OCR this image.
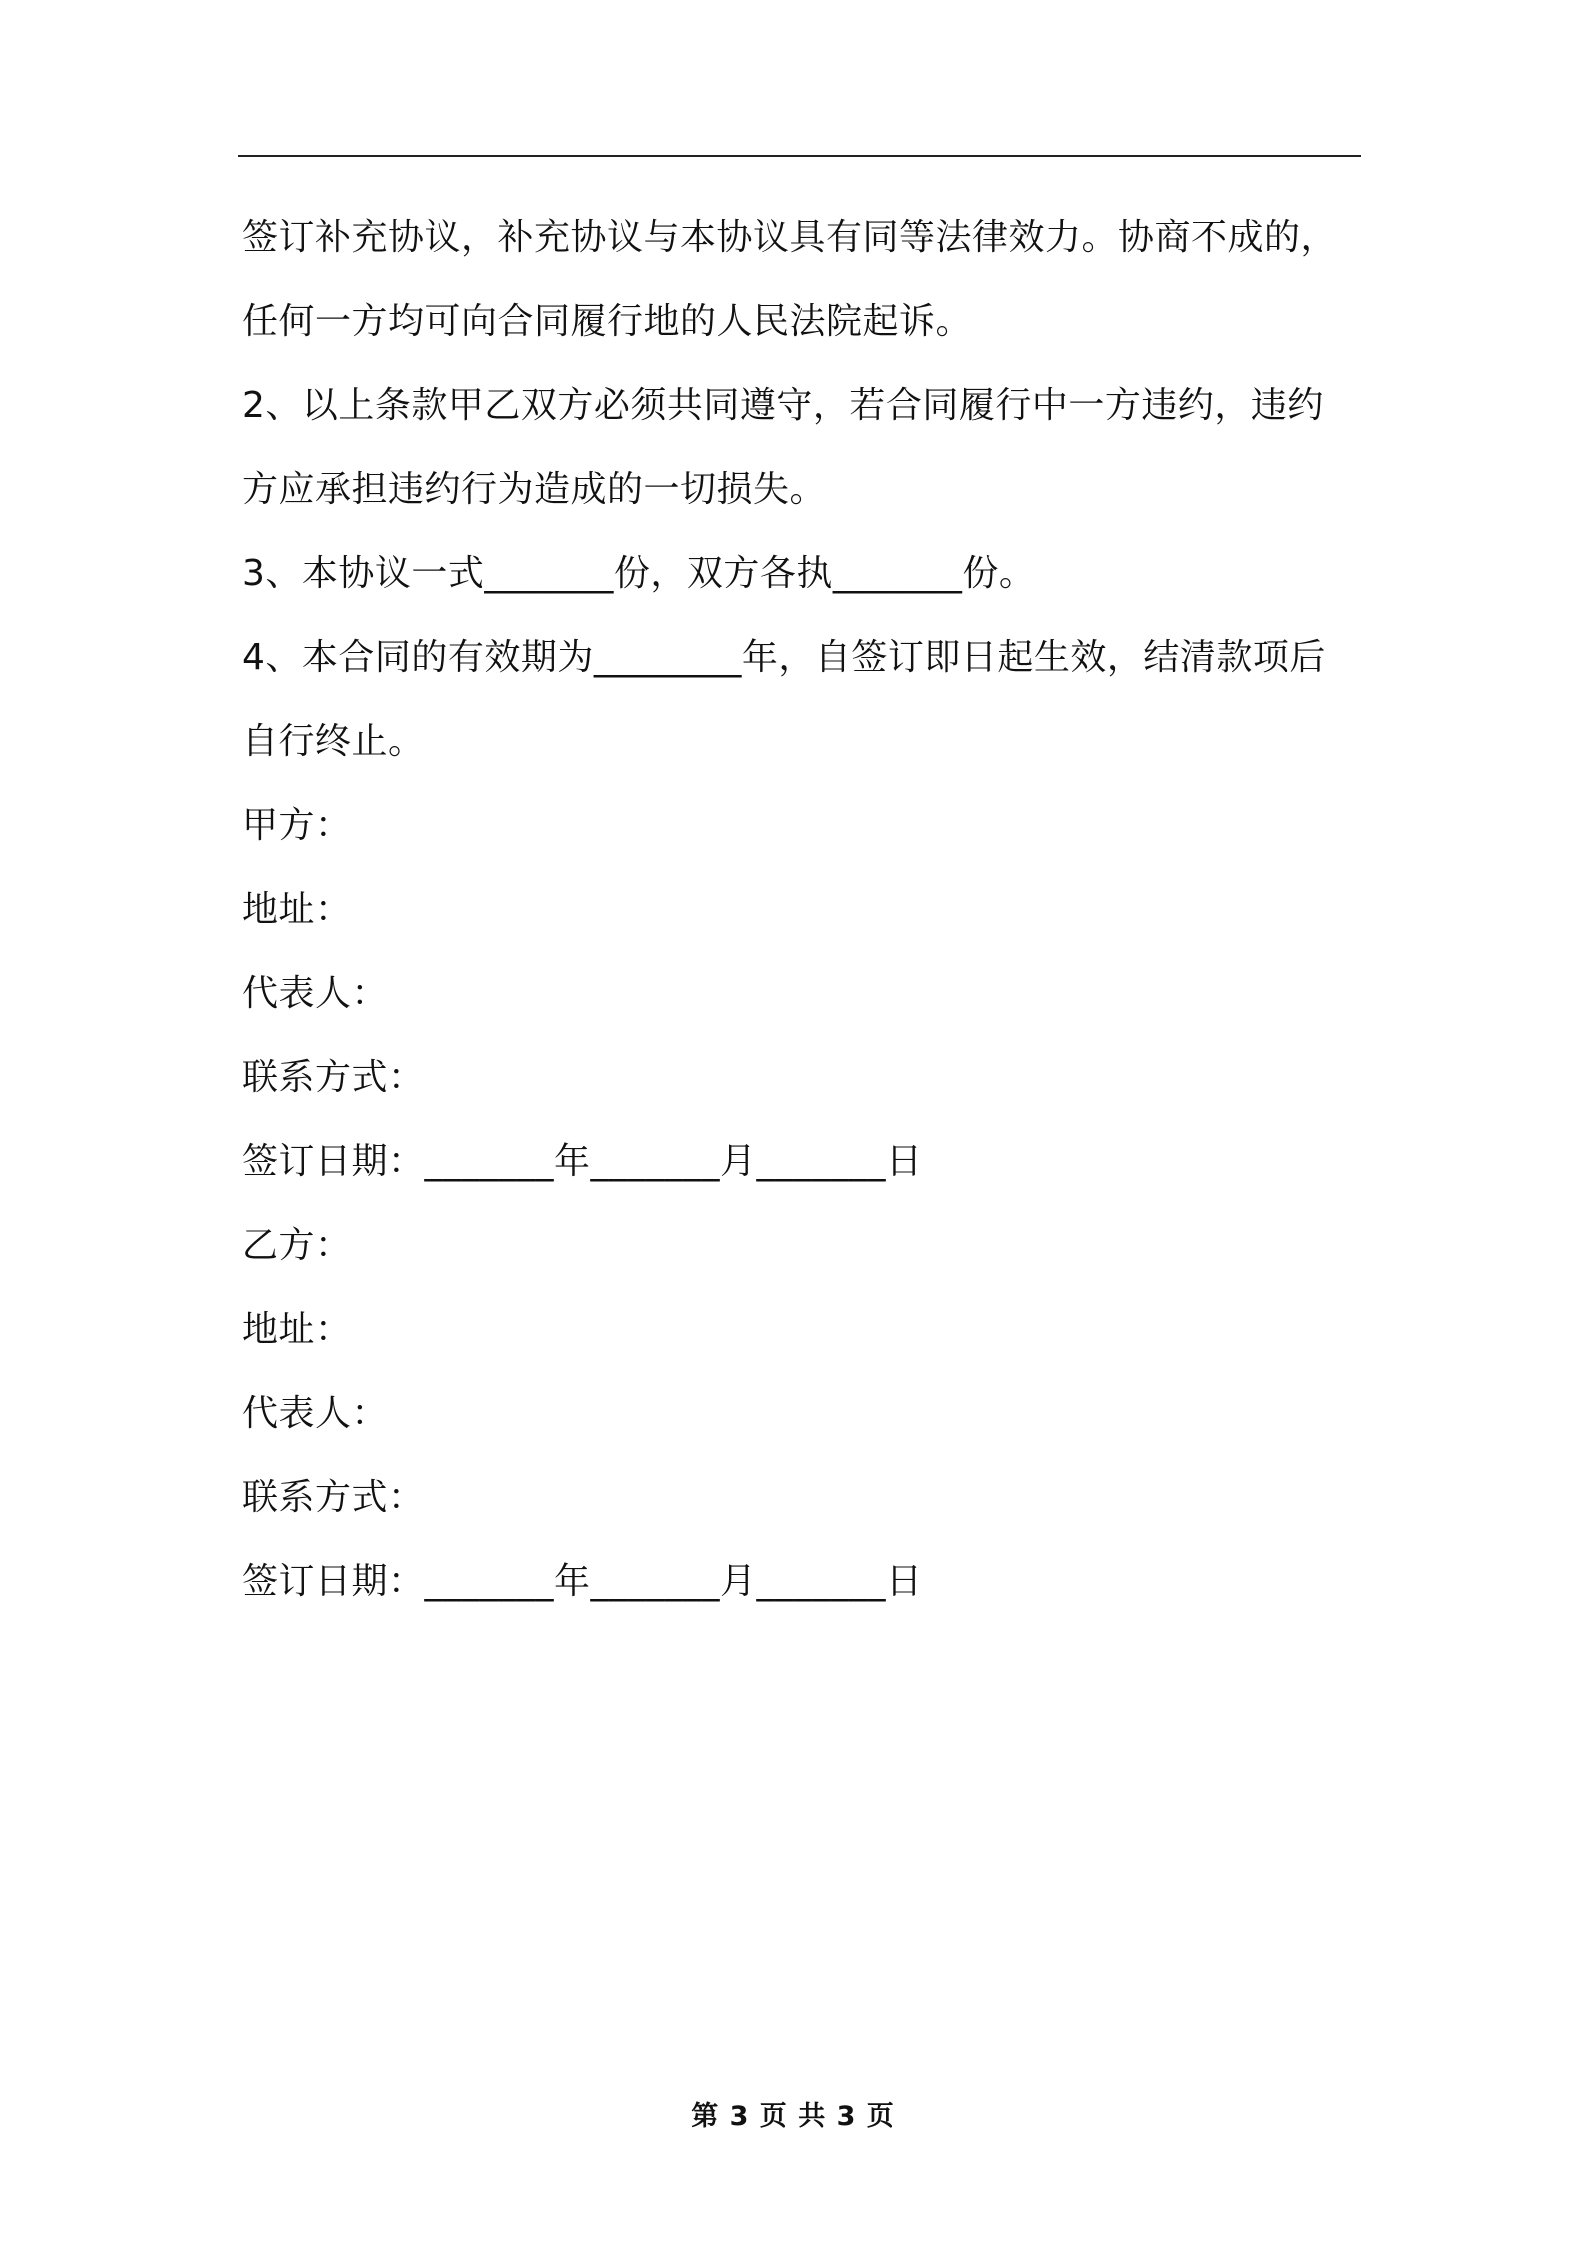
签订补充协议，补充协议与本协议具有同等法律效力。协商不成的，
任何一方均可向合同履行地的人民法院起诉。
2、以上条款甲乙双方必须共同遵守，若合同履行中一方违约，违约
方应承担违约行为造成的一切损失。
3、本协议一式_______份，双方各执_______份。
4、本合同的有效期为________年，自签订即日起生效，结清款项后
自行终止。
甲方：
地址：
代表人：
联系方式：
签订日期：_______年_______月_______日
乙方：
地址：
代表人：
联系方式：
签订日期：_______年_______月_______日
第 3 页 共 3 页
